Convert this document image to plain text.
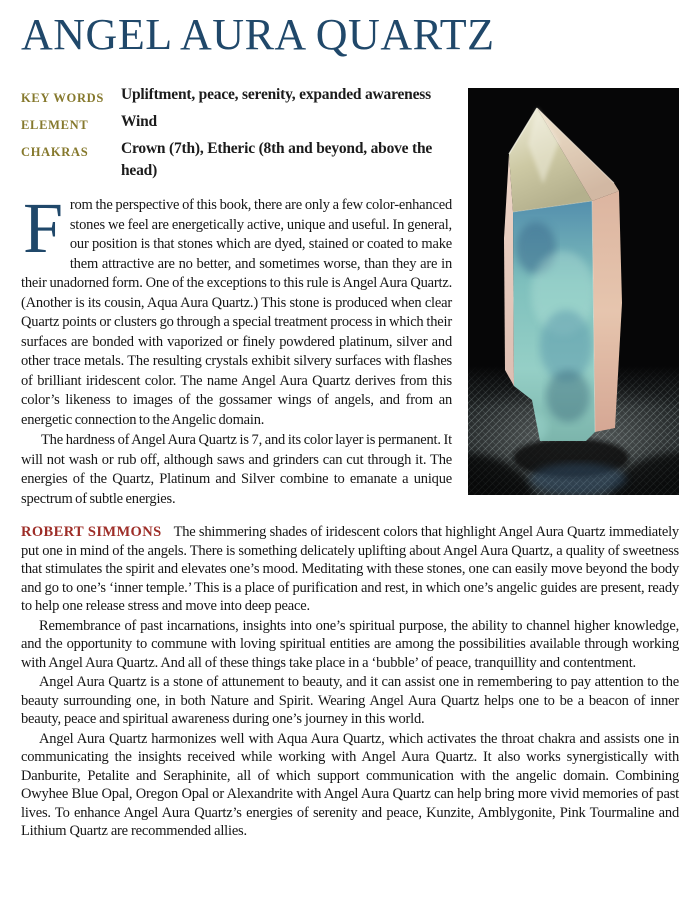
ANGEL AURA QUARTZ
KEY WORDS	Upliftment, peace, serenity, expanded awareness
ELEMENT	Wind
CHAKRAS	Crown (7th), Etheric (8th and beyond, above the head)

From the perspective of this book, there are only a few color-enhanced stones we feel are energetically active, unique and useful. In general, our position is that stones which are dyed, stained or coated to make them attractive are no better, and sometimes worse, than they are in their unadorned form. One of the exceptions to this rule is Angel Aura Quartz. (Another is its cousin, Aqua Aura Quartz.) This stone is produced when clear Quartz points or clusters go through a special treatment process in which their surfaces are bonded with vaporized or finely powdered platinum, silver and other trace metals. The resulting crystals exhibit silvery surfaces with flashes of brilliant iridescent color. The name Angel Aura Quartz derives from this color’s likeness to images of the gossamer wings of angels, and from an energetic connection to the Angelic domain.

The hardness of Angel Aura Quartz is 7, and its color layer is permanent. It will not wash or rub off, although saws and grinders can cut through it. The energies of the Quartz, Platinum and Silver combine to emanate a unique spectrum of subtle energies.

ROBERT SIMMONS The shimmering shades of iridescent colors that highlight Angel Aura Quartz immediately put one in mind of the angels. There is something delicately uplifting about Angel Aura Quartz, a quality of sweetness that stimulates the spirit and elevates one’s mood. Meditating with these stones, one can easily move beyond the body and go to one’s ‘inner temple.’ This is a place of purification and rest, in which one’s angelic guides are present, ready to help one release stress and move into deep peace.

Remembrance of past incarnations, insights into one’s spiritual purpose, the ability to channel higher knowledge, and the opportunity to commune with loving spiritual entities are among the possibilities available through working with Angel Aura Quartz. And all of these things take place in a ‘bubble’ of peace, tranquillity and contentment.

Angel Aura Quartz is a stone of attunement to beauty, and it can assist one in remembering to pay attention to the beauty surrounding one, in both Nature and Spirit. Wearing Angel Aura Quartz helps one to be a beacon of inner beauty, peace and spiritual awareness during one’s journey in this world.

Angel Aura Quartz harmonizes well with Aqua Aura Quartz, which activates the throat chakra and assists one in communicating the insights received while working with Angel Aura Quartz. It also works synergistically with Danburite, Petalite and Seraphinite, all of which support communication with the angelic domain. Combining Owyhee Blue Opal, Oregon Opal or Alexandrite with Angel Aura Quartz can help bring more vivid memories of past lives. To enhance Angel Aura Quartz’s energies of serenity and peace, Kunzite, Amblygonite, Pink Tourmaline and Lithium Quartz are recommended allies.
